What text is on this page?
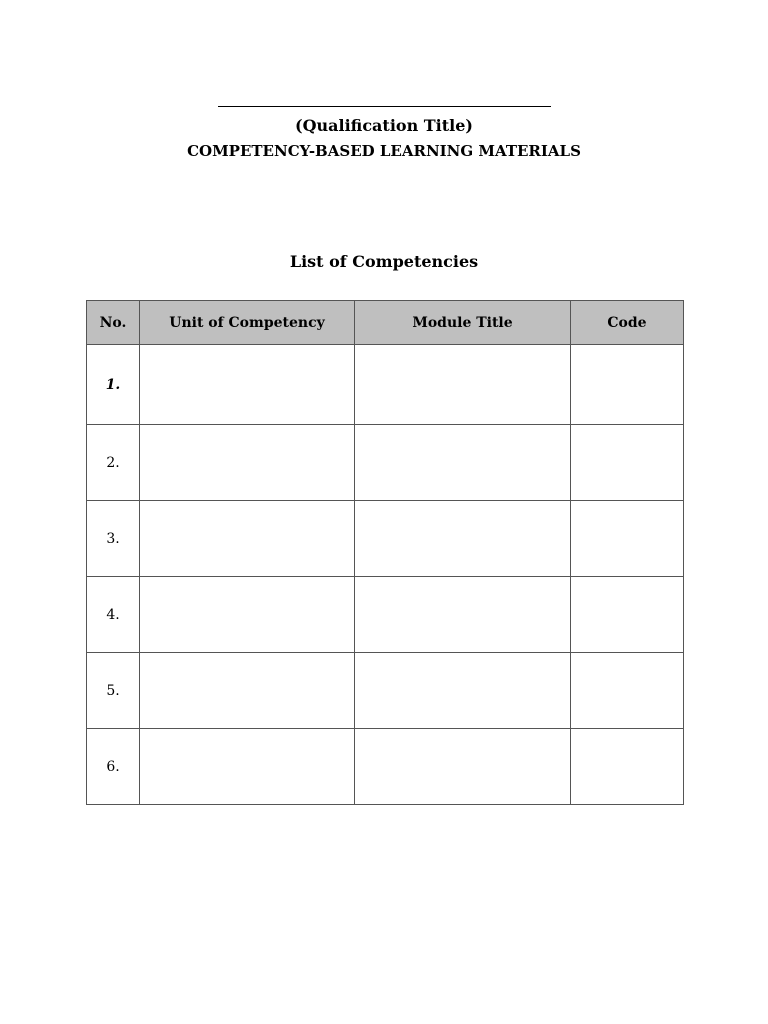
(Qualification Title)
COMPETENCY-BASED LEARNING MATERIALS
List of Competencies
No.	Unit of Competency	Module Title	Code
1.			
2.			
3.			
4.			
5.			
6.			
